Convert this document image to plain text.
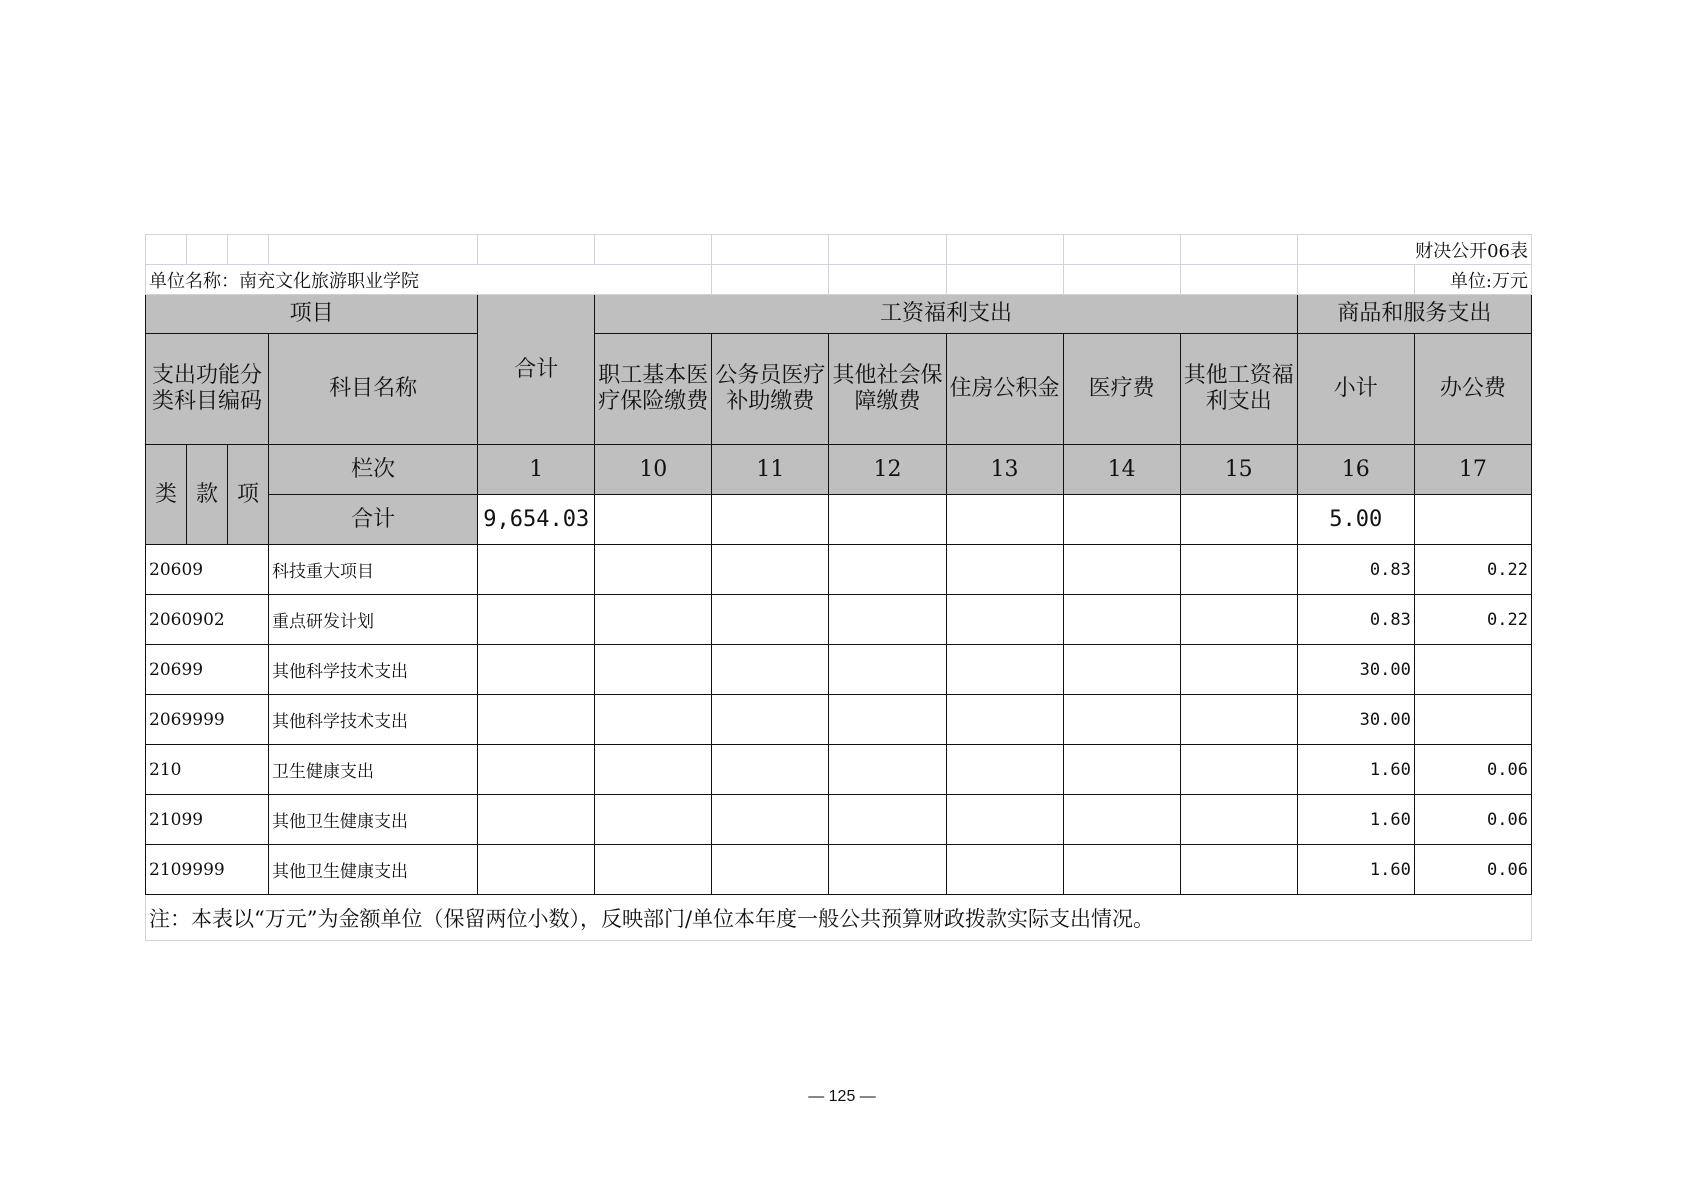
											财决公开06表	
单位名称：南充文化旅游职业学院												单位:万元
项目				合计	工资福利支出						商品和服务支出	
支出功能分类科目编码			科目名称		职工基本医疗保险缴费	公务员医疗补助缴费	其他社会保障缴费	住房公积金	医疗费	其他工资福利支出	小计	办公费
类	款	项	栏次	1	10	11	12	13	14	15	16	17
			合计	9,654.03							5.00	
20609			科技重大项目								0.83	0.22
2060902			重点研发计划								0.83	0.22
20699			其他科学技术支出								30.00	
2069999			其他科学技术支出								30.00	
210			卫生健康支出								1.60	0.06
21099			其他卫生健康支出								1.60	0.06
2109999			其他卫生健康支出								1.60	0.06
注：本表以“万元”为金额单位（保留两位小数），反映部门/单位本年度一般公共预算财政拨款实际支出情况。												
— 125 —
